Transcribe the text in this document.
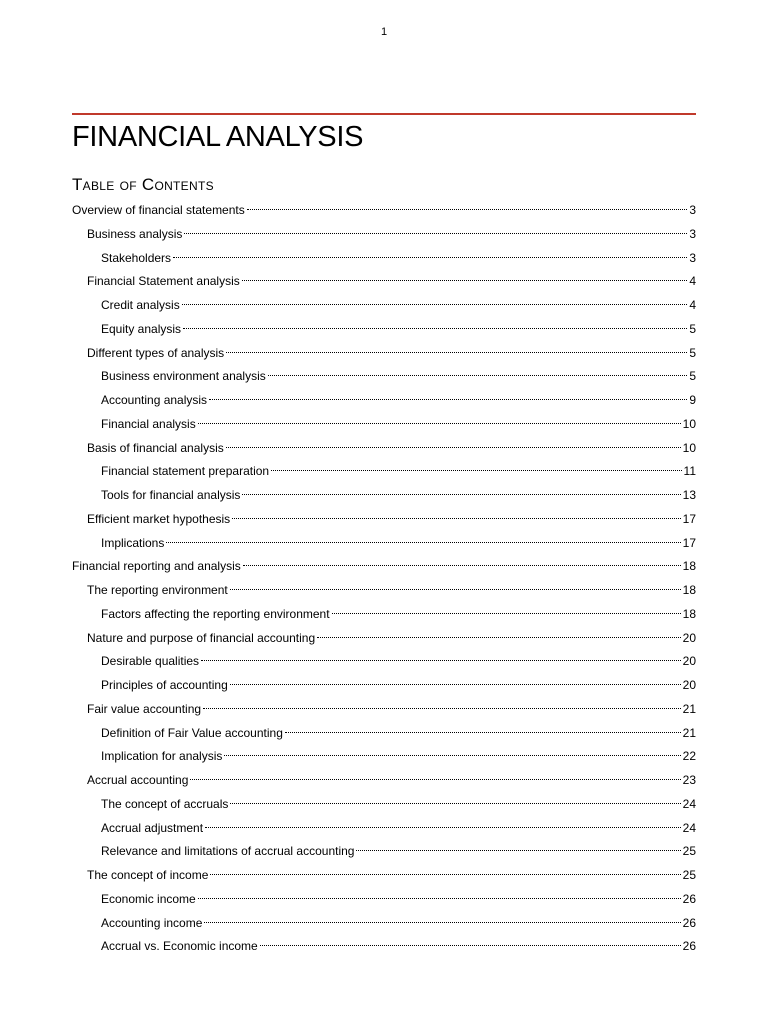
1
FINANCIAL ANALYSIS
Table of Contents
Overview of financial statements	3
Business analysis	3
Stakeholders	3
Financial Statement analysis	4
Credit analysis	4
Equity analysis	5
Different types of analysis	5
Business environment analysis	5
Accounting analysis	9
Financial analysis	10
Basis of financial analysis	10
Financial statement preparation	11
Tools for financial analysis	13
Efficient market hypothesis	17
Implications	17
Financial reporting and analysis	18
The reporting environment	18
Factors affecting the reporting environment	18
Nature and purpose of financial accounting	20
Desirable qualities	20
Principles of accounting	20
Fair value accounting	21
Definition of Fair Value accounting	21
Implication for analysis	22
Accrual accounting	23
The concept of accruals	24
Accrual adjustment	24
Relevance and limitations of accrual accounting	25
The concept of income	25
Economic income	26
Accounting income	26
Accrual vs. Economic income	26
